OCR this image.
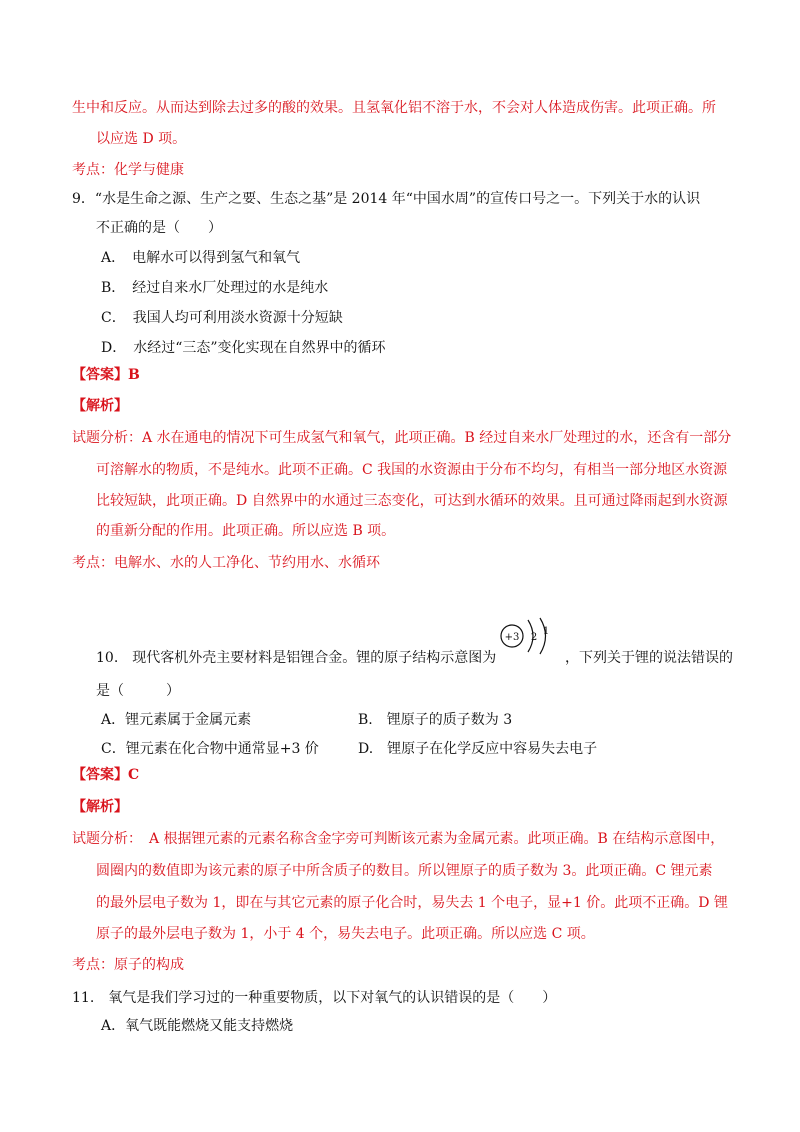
生中和反应。从而达到除去过多的酸的效果。且氢氧化铝不溶于水，不会对人体造成伤害。此项正确。所
以应选 D 项。
考点：化学与健康
9．“水是生命之源、生产之要、生态之基”是 2014 年“中国水周”的宣传口号之一。下列关于水的认识
不正确的是（　　）
A．　电解水可以得到氢气和氧气
B．　经过自来水厂处理过的水是纯水
C．　我国人均可利用淡水资源十分短缺
D．　水经过“三态”变化实现在自然界中的循环
【答案】B
【解析】
试题分析：A 水在通电的情况下可生成氢气和氧气，此项正确。B 经过自来水厂处理过的水，还含有一部分
可溶解水的物质，不是纯水。此项不正确。C 我国的水资源由于分布不均匀，有相当一部分地区水资源
比较短缺，此项正确。D 自然界中的水通过三态变化，可达到水循环的效果。且可通过降雨起到水资源
的重新分配的作用。此项正确。所以应选 B 项。
考点：电解水、水的人工净化、节约用水、水循环
10.　现代客机外壳主要材料是铝锂合金。锂的原子结构示意图为
+3 2
1
，下列关于锂的说法错误的
是（　　　）
A．锂元素属于金属元素	B.　锂原子的质子数为 3
C．锂元素在化合物中通常显+3 价	D.　锂原子在化学反应中容易失去电子
【答案】C
【解析】
试题分析：　A 根据锂元素的元素名称含金字旁可判断该元素为金属元素。此项正确。B 在结构示意图中，
圆圈内的数值即为该元素的原子中所含质子的数目。所以锂原子的质子数为 3。此项正确。C 锂元素
的最外层电子数为 1，即在与其它元素的原子化合时，易失去 1 个电子，显+1 价。此项不正确。D 锂
原子的最外层电子数为 1，小于 4 个，易失去电子。此项正确。所以应选 C 项。
考点：原子的构成
11.　氧气是我们学习过的一种重要物质，以下对氧气的认识错误的是（　　）
A．氧气既能燃烧又能支持燃烧
